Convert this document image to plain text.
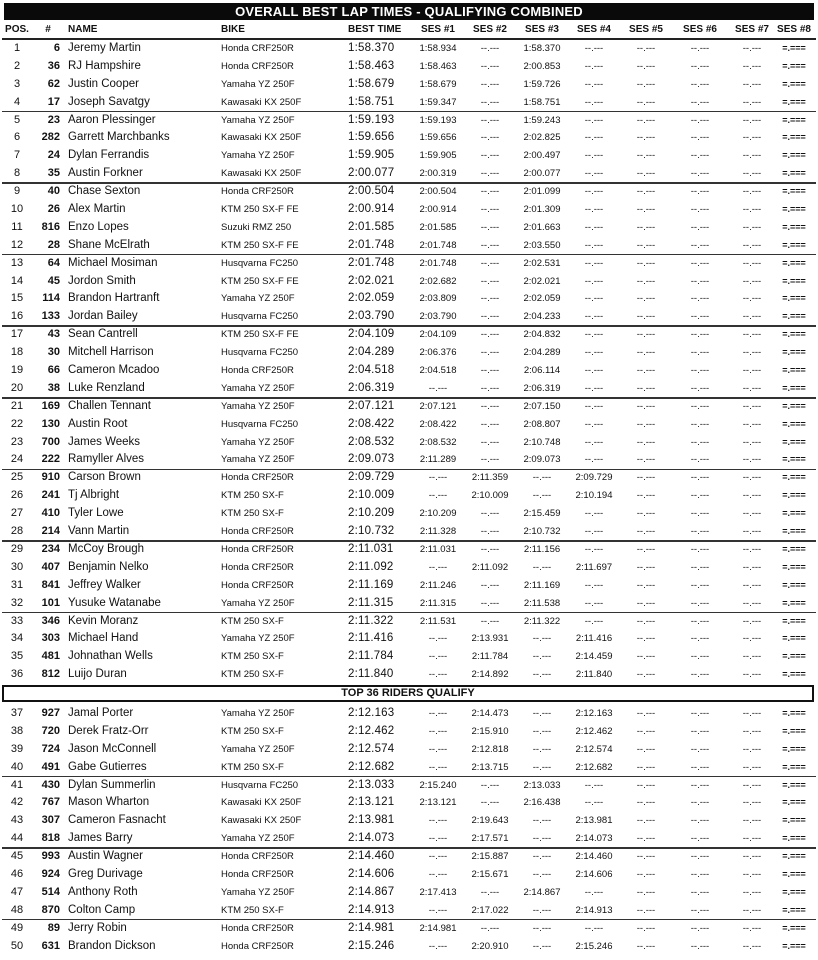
OVERALL BEST LAP TIMES - QUALIFYING COMBINED
POS.	#	NAME	BIKE	BEST TIME	SES #1	SES #2	SES #3	SES #4	SES #5	SES #6	SES #7 SES #8
1	6 Jeremy Martin	Honda CRF250R	1:58.370	1:58.934	--.---	1:58.370	--.---	--.---	--.---	--.---	=.===
2	36 RJ Hampshire	Honda CRF250R	1:58.463	1:58.463	--.---	2:00.853	--.---	--.---	--.---	--.---	=.===
3	62 Justin Cooper	Yamaha YZ 250F	1:58.679	1:58.679	--.---	1:59.726	--.---	--.---	--.---	--.---	=.===
4	17 Joseph Savatgy	Kawasaki KX 250F	1:58.751	1:59.347	--.---	1:58.751	--.---	--.---	--.---	--.---	=.===
5	23 Aaron Plessinger	Yamaha YZ 250F	1:59.193	1:59.193	--.---	1:59.243	--.---	--.---	--.---	--.---	=.===
6	282 Garrett Marchbanks	Kawasaki KX 250F	1:59.656	1:59.656	--.---	2:02.825	--.---	--.---	--.---	--.---	=.===
7	24 Dylan Ferrandis	Yamaha YZ 250F	1:59.905	1:59.905	--.---	2:00.497	--.---	--.---	--.---	--.---	=.===
8	35 Austin Forkner	Kawasaki KX 250F	2:00.077	2:00.319	--.---	2:00.077	--.---	--.---	--.---	--.---	=.===
9	40 Chase Sexton	Honda CRF250R	2:00.504	2:00.504	--.---	2:01.099	--.---	--.---	--.---	--.---	=.===
10	26 Alex Martin	KTM 250 SX-F FE	2:00.914	2:00.914	--.---	2:01.309	--.---	--.---	--.---	--.---	=.===
11	816 Enzo Lopes	Suzuki RMZ 250	2:01.585	2:01.585	--.---	2:01.663	--.---	--.---	--.---	--.---	=.===
12	28 Shane McElrath	KTM 250 SX-F FE	2:01.748	2:01.748	--.---	2:03.550	--.---	--.---	--.---	--.---	=.===
13	64 Michael Mosiman	Husqvarna FC250	2:01.748	2:01.748	--.---	2:02.531	--.---	--.---	--.---	--.---	=.===
14	45 Jordon Smith	KTM 250 SX-F FE	2:02.021	2:02.682	--.---	2:02.021	--.---	--.---	--.---	--.---	=.===
15	114 Brandon Hartranft	Yamaha YZ 250F	2:02.059	2:03.809	--.---	2:02.059	--.---	--.---	--.---	--.---	=.===
16	133 Jordan Bailey	Husqvarna FC250	2:03.790	2:03.790	--.---	2:04.233	--.---	--.---	--.---	--.---	=.===
17	43 Sean Cantrell	KTM 250 SX-F FE	2:04.109	2:04.109	--.---	2:04.832	--.---	--.---	--.---	--.---	=.===
18	30 Mitchell Harrison	Husqvarna FC250	2:04.289	2:06.376	--.---	2:04.289	--.---	--.---	--.---	--.---	=.===
19	66 Cameron Mcadoo	Honda CRF250R	2:04.518	2:04.518	--.---	2:06.114	--.---	--.---	--.---	--.---	=.===
20	38 Luke Renzland	Yamaha YZ 250F	2:06.319	--.---	--.---	2:06.319	--.---	--.---	--.---	--.---	=.===
21	169 Challen Tennant	Yamaha YZ 250F	2:07.121	2:07.121	--.---	2:07.150	--.---	--.---	--.---	--.---	=.===
22	130 Austin Root	Husqvarna FC250	2:08.422	2:08.422	--.---	2:08.807	--.---	--.---	--.---	--.---	=.===
23	700 James Weeks	Yamaha YZ 250F	2:08.532	2:08.532	--.---	2:10.748	--.---	--.---	--.---	--.---	=.===
24	222 Ramyller Alves	Yamaha YZ 250F	2:09.073	2:11.289	--.---	2:09.073	--.---	--.---	--.---	--.---	=.===
25	910 Carson Brown	Honda CRF250R	2:09.729	--.---	2:11.359	--.---	2:09.729	--.---	--.---	--.---	=.===
26	241 Tj Albright	KTM 250 SX-F	2:10.009	--.---	2:10.009	--.---	2:10.194	--.---	--.---	--.---	=.===
27	410 Tyler Lowe	KTM 250 SX-F	2:10.209	2:10.209	--.---	2:15.459	--.---	--.---	--.---	--.---	=.===
28	214 Vann Martin	Honda CRF250R	2:10.732	2:11.328	--.---	2:10.732	--.---	--.---	--.---	--.---	=.===
29	234 McCoy Brough	Honda CRF250R	2:11.031	2:11.031	--.---	2:11.156	--.---	--.---	--.---	--.---	=.===
30	407 Benjamin Nelko	Honda CRF250R	2:11.092	--.---	2:11.092	--.---	2:11.697	--.---	--.---	--.---	=.===
31	841 Jeffrey Walker	Honda CRF250R	2:11.169	2:11.246	--.---	2:11.169	--.---	--.---	--.---	--.---	=.===
32	101 Yusuke Watanabe	Yamaha YZ 250F	2:11.315	2:11.315	--.---	2:11.538	--.---	--.---	--.---	--.---	=.===
33	346 Kevin Moranz	KTM 250 SX-F	2:11.322	2:11.531	--.---	2:11.322	--.---	--.---	--.---	--.---	=.===
34	303 Michael Hand	Yamaha YZ 250F	2:11.416	--.---	2:13.931	--.---	2:11.416	--.---	--.---	--.---	=.===
35	481 Johnathan Wells	KTM 250 SX-F	2:11.784	--.---	2:11.784	--.---	2:14.459	--.---	--.---	--.---	=.===
36	812 Luijo Duran	KTM 250 SX-F	2:11.840	--.---	2:14.892	--.---	2:11.840	--.---	--.---	--.---	=.===
TOP 36 RIDERS QUALIFY
37	927 Jamal Porter	Yamaha YZ 250F	2:12.163	--.---	2:14.473	--.---	2:12.163	--.---	--.---	--.---	=.===
38	720 Derek Fratz-Orr	KTM 250 SX-F	2:12.462	--.---	2:15.910	--.---	2:12.462	--.---	--.---	--.---	=.===
39	724 Jason McConnell	Yamaha YZ 250F	2:12.574	--.---	2:12.818	--.---	2:12.574	--.---	--.---	--.---	=.===
40	491 Gabe Gutierres	KTM 250 SX-F	2:12.682	--.---	2:13.715	--.---	2:12.682	--.---	--.---	--.---	=.===
41	430 Dylan Summerlin	Husqvarna FC250	2:13.033	2:15.240	--.---	2:13.033	--.---	--.---	--.---	--.---	=.===
42	767 Mason Wharton	Kawasaki KX 250F	2:13.121	2:13.121	--.---	2:16.438	--.---	--.---	--.---	--.---	=.===
43	307 Cameron Fasnacht	Kawasaki KX 250F	2:13.981	--.---	2:19.643	--.---	2:13.981	--.---	--.---	--.---	=.===
44	818 James Barry	Yamaha YZ 250F	2:14.073	--.---	2:17.571	--.---	2:14.073	--.---	--.---	--.---	=.===
45	993 Austin Wagner	Honda CRF250R	2:14.460	--.---	2:15.887	--.---	2:14.460	--.---	--.---	--.---	=.===
46	924 Greg Durivage	Honda CRF250R	2:14.606	--.---	2:15.671	--.---	2:14.606	--.---	--.---	--.---	=.===
47	514 Anthony Roth	Yamaha YZ 250F	2:14.867	2:17.413	--.---	2:14.867	--.---	--.---	--.---	--.---	=.===
48	870 Colton Camp	KTM 250 SX-F	2:14.913	--.---	2:17.022	--.---	2:14.913	--.---	--.---	--.---	=.===
49	89 Jerry Robin	Honda CRF250R	2:14.981	2:14.981	--.---	--.---	--.---	--.---	--.---	--.---	=.===
50	631 Brandon Dickson	Honda CRF250R	2:15.246	--.---	2:20.910	--.---	2:15.246	--.---	--.---	--.---	=.===
